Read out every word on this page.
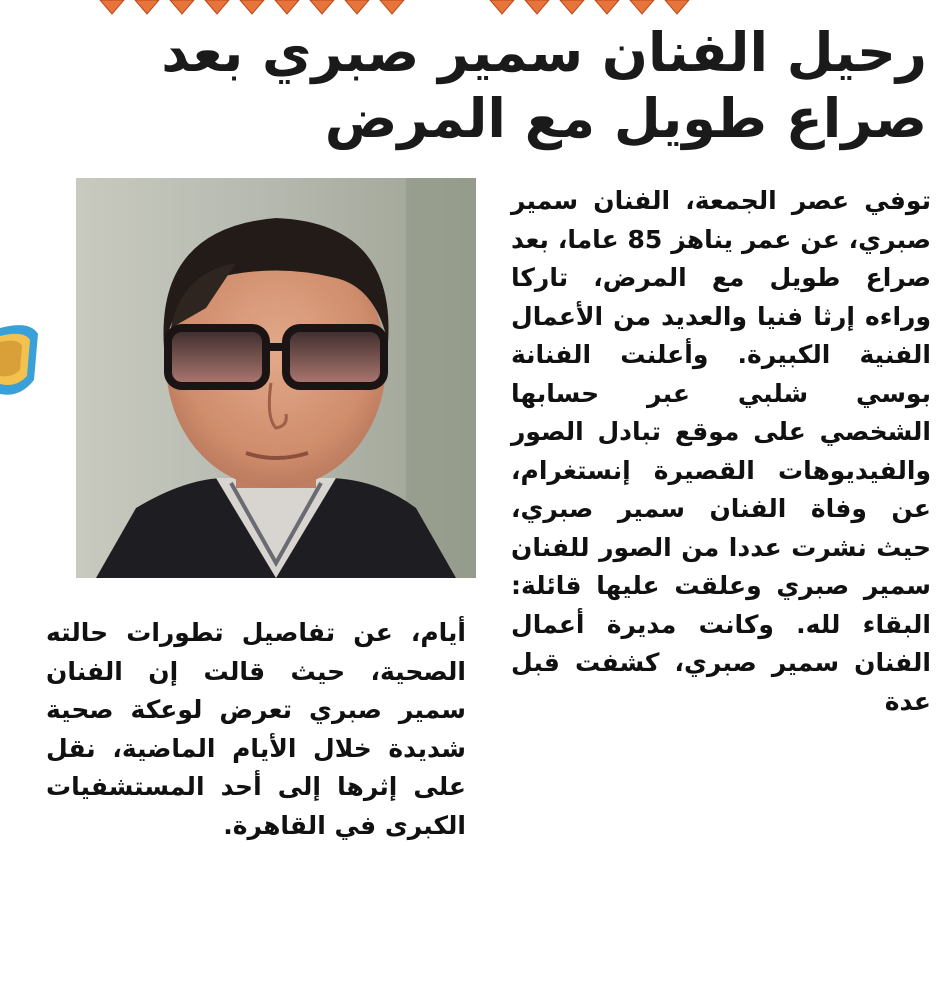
رحيل الفنان سمير صبري بعد صراع طويل مع المرض

توفي عصر الجمعة، الفنان سمير صبري، عن عمر يناهز 85 عاما، بعد صراع طويل مع المرض، تاركا وراءه إرثا فنيا والعديد من الأعمال الفنية الكبيرة. وأعلنت الفنانة بوسي شلبي عبر حسابها الشخصي على موقع تبادل الصور والفيديوهات القصيرة إنستغرام، عن وفاة الفنان سمير صبري، حيث نشرت عددا من الصور للفنان سمير صبري وعلقت عليها قائلة: البقاء لله. وكانت مديرة أعمال الفنان سمير صبري، كشفت قبل عدة

أيام، عن تفاصيل تطورات حالته الصحية، حيث قالت إن الفنان سمير صبري تعرض لوعكة صحية شديدة خلال الأيام الماضية، نقل على إثرها إلى أحد المستشفيات الكبرى في القاهرة.
